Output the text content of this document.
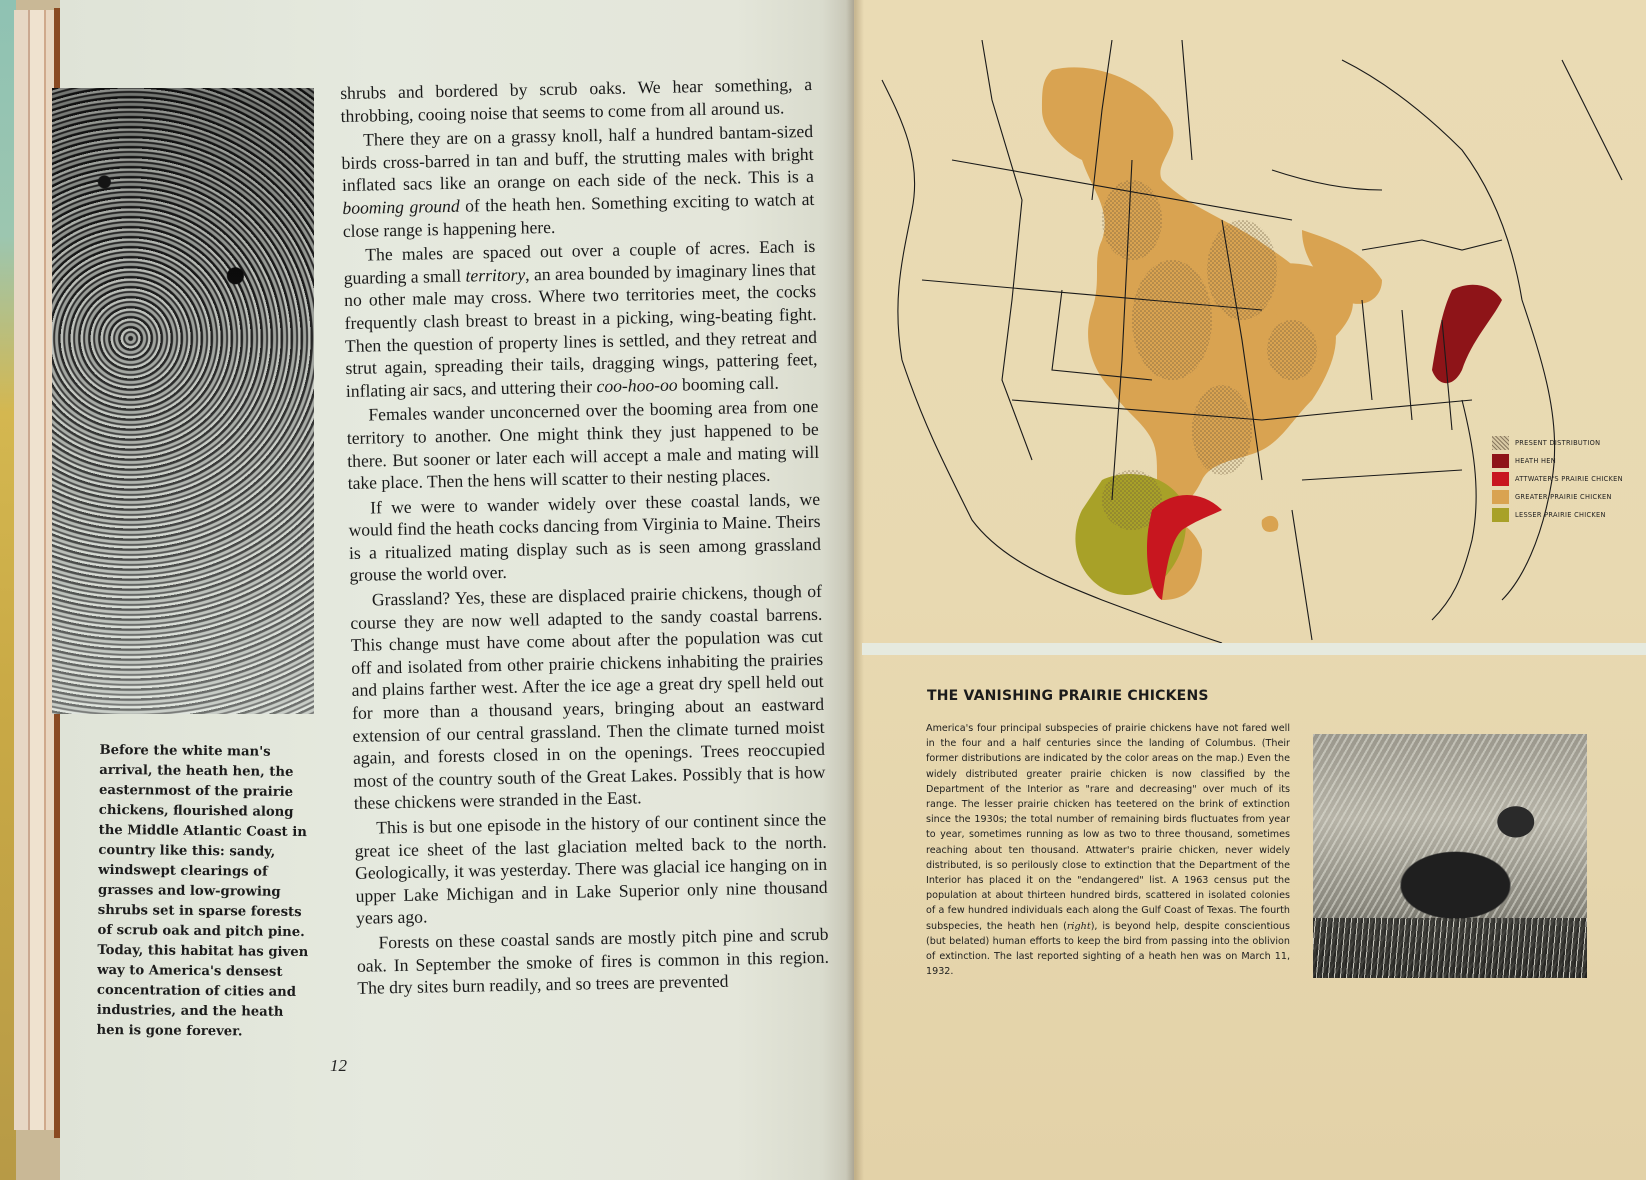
Before the white man's arrival, the heath hen, the easternmost of the prairie chickens, flourished along the Middle Atlantic Coast in country like this: sandy, windswept clearings of grasses and low-growing shrubs set in sparse forests of scrub oak and pitch pine. Today, this habitat has given way to America's densest concentration of cities and industries, and the heath hen is gone forever.

shrubs and bordered by scrub oaks. We hear something, a throbbing, cooing noise that seems to come from all around us.

There they are on a grassy knoll, half a hundred bantam-sized birds cross-barred in tan and buff, the strutting males with bright inflated sacs like an orange on each side of the neck. This is a booming ground of the heath hen. Something exciting to watch at close range is happening here.

The males are spaced out over a couple of acres. Each is guarding a small territory, an area bounded by imaginary lines that no other male may cross. Where two territories meet, the cocks frequently clash breast to breast in a picking, wing-beating fight. Then the question of property lines is settled, and they retreat and strut again, spreading their tails, dragging wings, pattering feet, inflating air sacs, and uttering their coo-hoo-oo booming call.

Females wander unconcerned over the booming area from one territory to another. One might think they just happened to be there. But sooner or later each will accept a male and mating will take place. Then the hens will scatter to their nesting places.

If we were to wander widely over these coastal lands, we would find the heath cocks dancing from Virginia to Maine. Theirs is a ritualized mating display such as is seen among grassland grouse the world over.

Grassland? Yes, these are displaced prairie chickens, though of course they are now well adapted to the sandy coastal barrens. This change must have come about after the population was cut off and isolated from other prairie chickens inhabiting the prairies and plains farther west. After the ice age a great dry spell held out for more than a thousand years, bringing about an eastward extension of our central grassland. Then the climate turned moist again, and forests closed in on the openings. Trees reoccupied most of the country south of the Great Lakes. Possibly that is how these chickens were stranded in the East.

This is but one episode in the history of our continent since the great ice sheet of the last glaciation melted back to the north. Geologically, it was yesterday. There was glacial ice hanging on in upper Lake Michigan and in Lake Superior only nine thousand years ago.

Forests on these coastal sands are mostly pitch pine and scrub oak. In September the smoke of fires is common in this region. The dry sites burn readily, and so trees are prevented

12
PRESENT DISTRIBUTION
HEATH HEN
ATTWATER'S PRAIRIE CHICKEN
GREATER PRAIRIE CHICKEN
LESSER PRAIRIE CHICKEN
THE VANISHING PRAIRIE CHICKENS
America's four principal subspecies of prairie chickens have not fared well in the four and a half centuries since the landing of Columbus. (Their former distributions are indicated by the color areas on the map.) Even the widely distributed greater prairie chicken is now classified by the Department of the Interior as "rare and decreasing" over much of its range. The lesser prairie chicken has teetered on the brink of extinction since the 1930s; the total number of remaining birds fluctuates from year to year, sometimes running as low as two to three thousand, sometimes reaching about ten thousand. Attwater's prairie chicken, never widely distributed, is so perilously close to extinction that the Department of the Interior has placed it on the "endangered" list. A 1963 census put the population at about thirteen hundred birds, scattered in isolated colonies of a few hundred individuals each along the Gulf Coast of Texas. The fourth subspecies, the heath hen (right), is beyond help, despite conscientious (but belated) human efforts to keep the bird from passing into the oblivion of extinction. The last reported sighting of a heath hen was on March 11, 1932.
